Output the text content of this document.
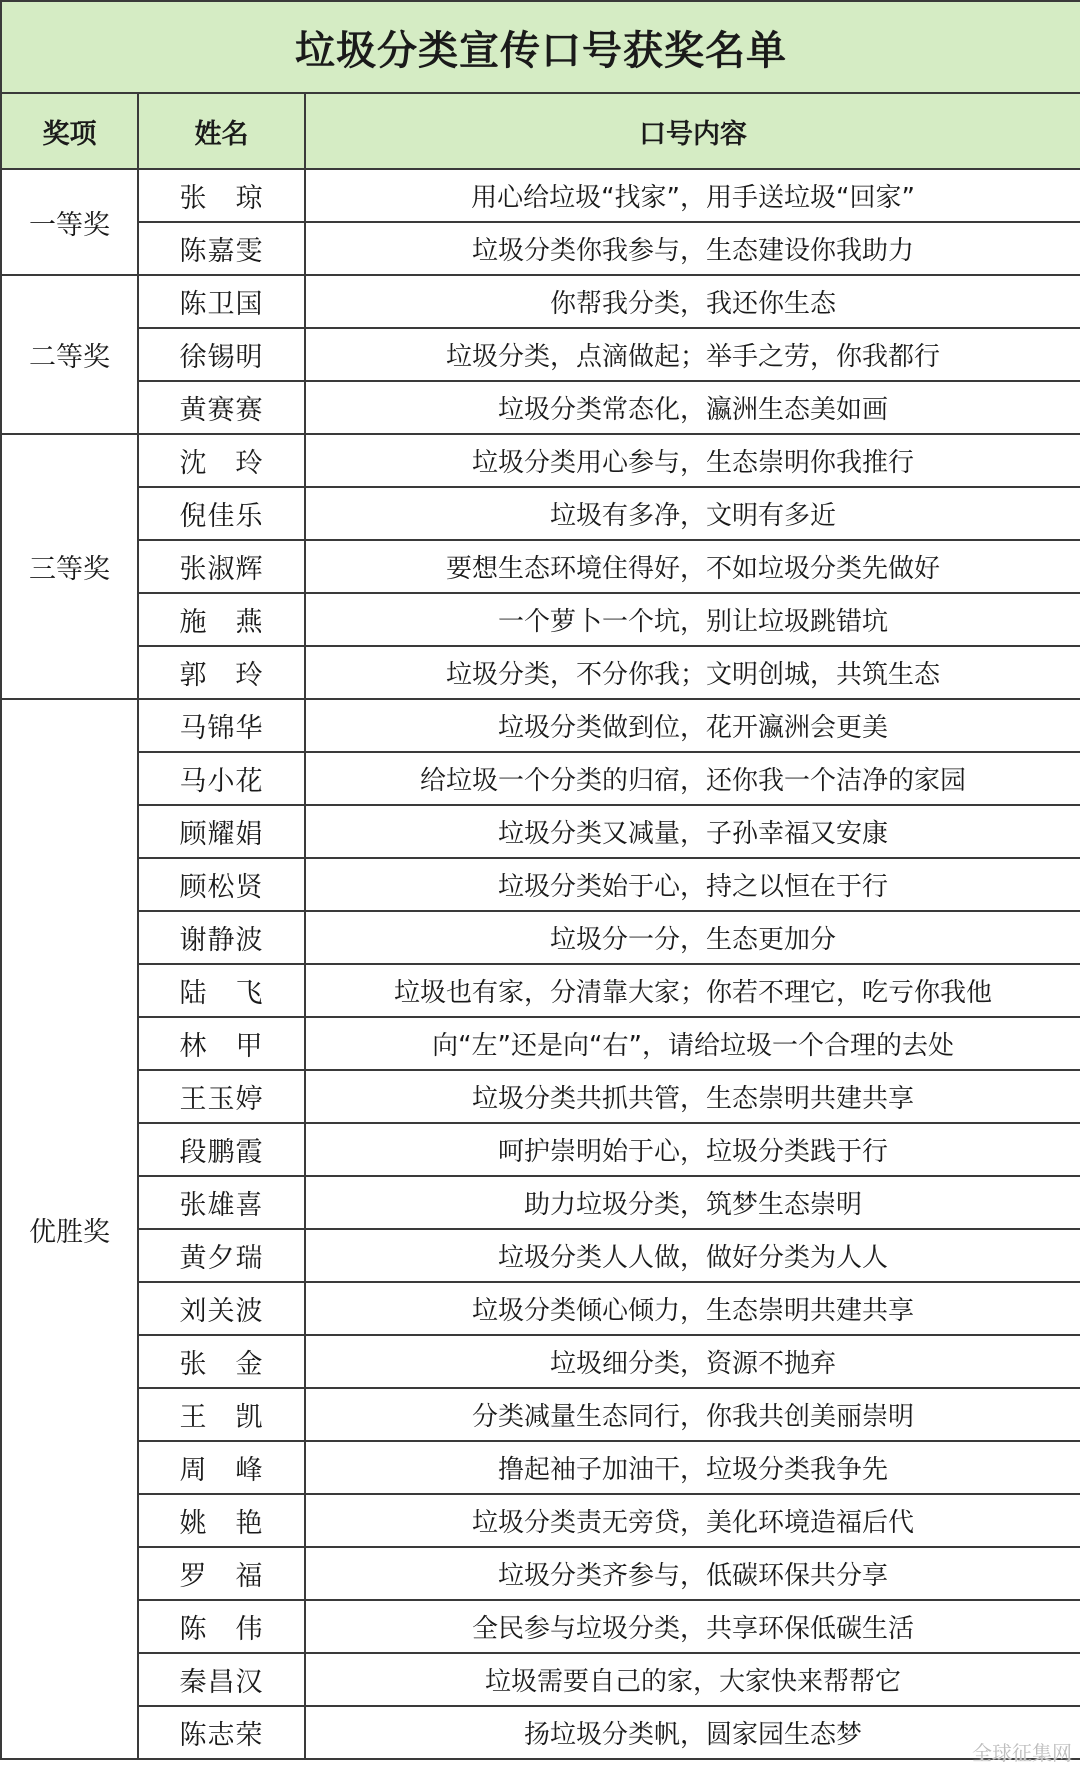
垃圾分类宣传口号获奖名单		
奖项	姓名	口号内容
一等奖	张　琼	用心给垃圾“找家”，用手送垃圾“回家”
	陈嘉雯	垃圾分类你我参与，生态建设你我助力
二等奖	陈卫国	你帮我分类，我还你生态
	徐锡明	垃圾分类，点滴做起；举手之劳，你我都行
	黄赛赛	垃圾分类常态化，瀛洲生态美如画
三等奖	沈　玲	垃圾分类用心参与，生态崇明你我推行
	倪佳乐	垃圾有多净，文明有多近
	张淑辉	要想生态环境住得好，不如垃圾分类先做好
	施　燕	一个萝卜一个坑，别让垃圾跳错坑
	郭　玲	垃圾分类，不分你我；文明创城，共筑生态
优胜奖	马锦华	垃圾分类做到位，花开瀛洲会更美
	马小花	给垃圾一个分类的归宿，还你我一个洁净的家园
	顾耀娟	垃圾分类又减量，子孙幸福又安康
	顾松贤	垃圾分类始于心，持之以恒在于行
	谢静波	垃圾分一分，生态更加分
	陆　飞	垃圾也有家，分清靠大家；你若不理它，吃亏你我他
	林　甲	向“左”还是向“右”，请给垃圾一个合理的去处
	王玉婷	垃圾分类共抓共管，生态崇明共建共享
	段鹏霞	呵护崇明始于心，垃圾分类践于行
	张雄喜	助力垃圾分类，筑梦生态崇明
	黄夕瑞	垃圾分类人人做，做好分类为人人
	刘关波	垃圾分类倾心倾力，生态崇明共建共享
	张　金	垃圾细分类，资源不抛弃
	王　凯	分类减量生态同行，你我共创美丽崇明
	周　峰	撸起袖子加油干，垃圾分类我争先
	姚　艳	垃圾分类责无旁贷，美化环境造福后代
	罗　福	垃圾分类齐参与，低碳环保共分享
	陈　伟	全民参与垃圾分类，共享环保低碳生活
	秦昌汉	垃圾需要自己的家，大家快来帮帮它
	陈志荣	扬垃圾分类帆，圆家园生态梦
全球征集网
